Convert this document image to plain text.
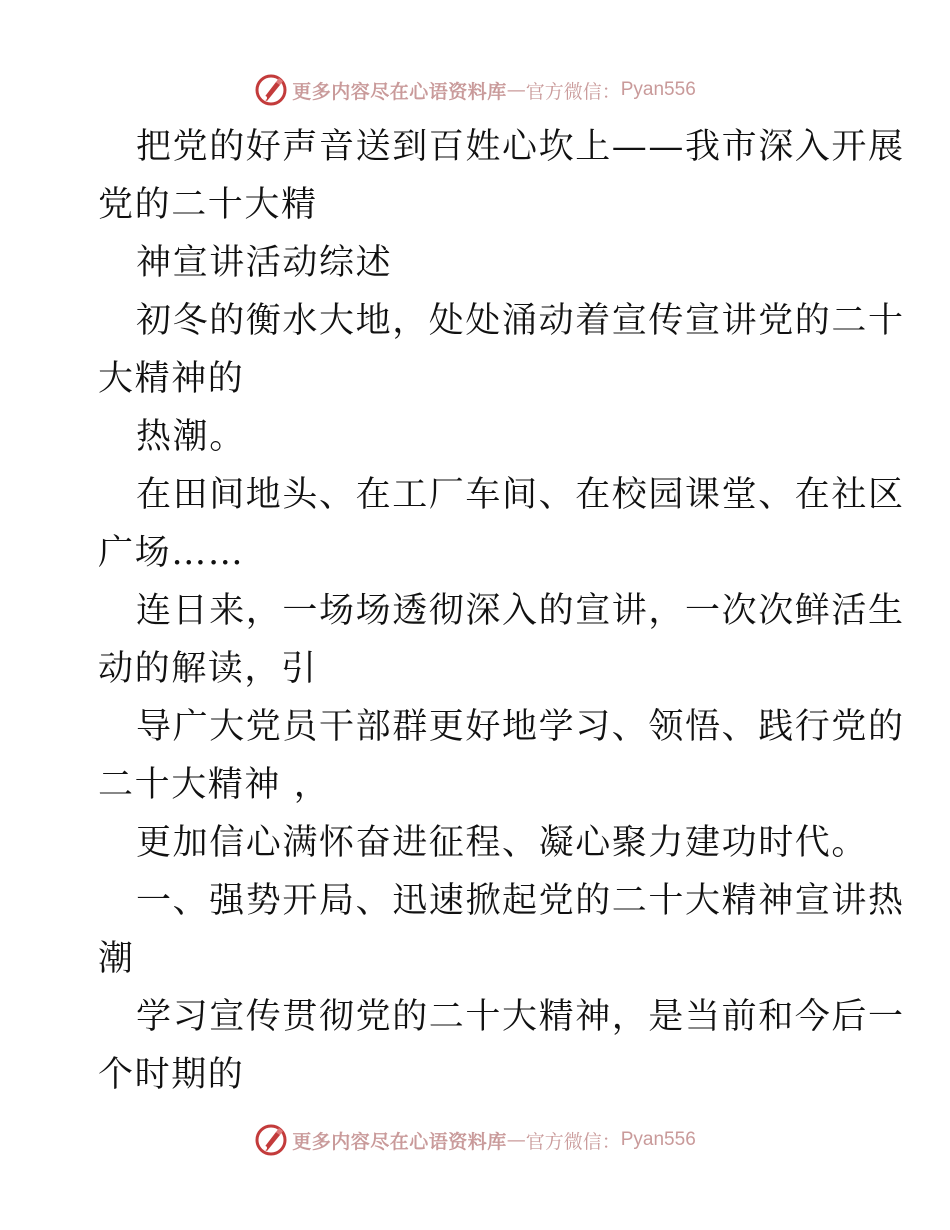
更多内容尽在心语资料库 — 官方微信： Pyan556
把党的好声音送到百姓心坎上——我市深入开展
党的二十大精
神宣讲活动综述
初冬的衡水大地，处处涌动着宣传宣讲党的二十
大精神的
热潮。
在田间地头、在工厂车间、在校园课堂、在社区
广场……
连日来，一场场透彻深入的宣讲，一次次鲜活生
动的解读，引
导广大党员干部群更好地学习、领悟、践行党的
二十大精神 ，
更加信心满怀奋进征程、凝心聚力建功时代。
一、强势开局、迅速掀起党的二十大精神宣讲热
潮
学习宣传贯彻党的二十大精神，是当前和今后一
个时期的
更多内容尽在心语资料库 — 官方微信： Pyan556
